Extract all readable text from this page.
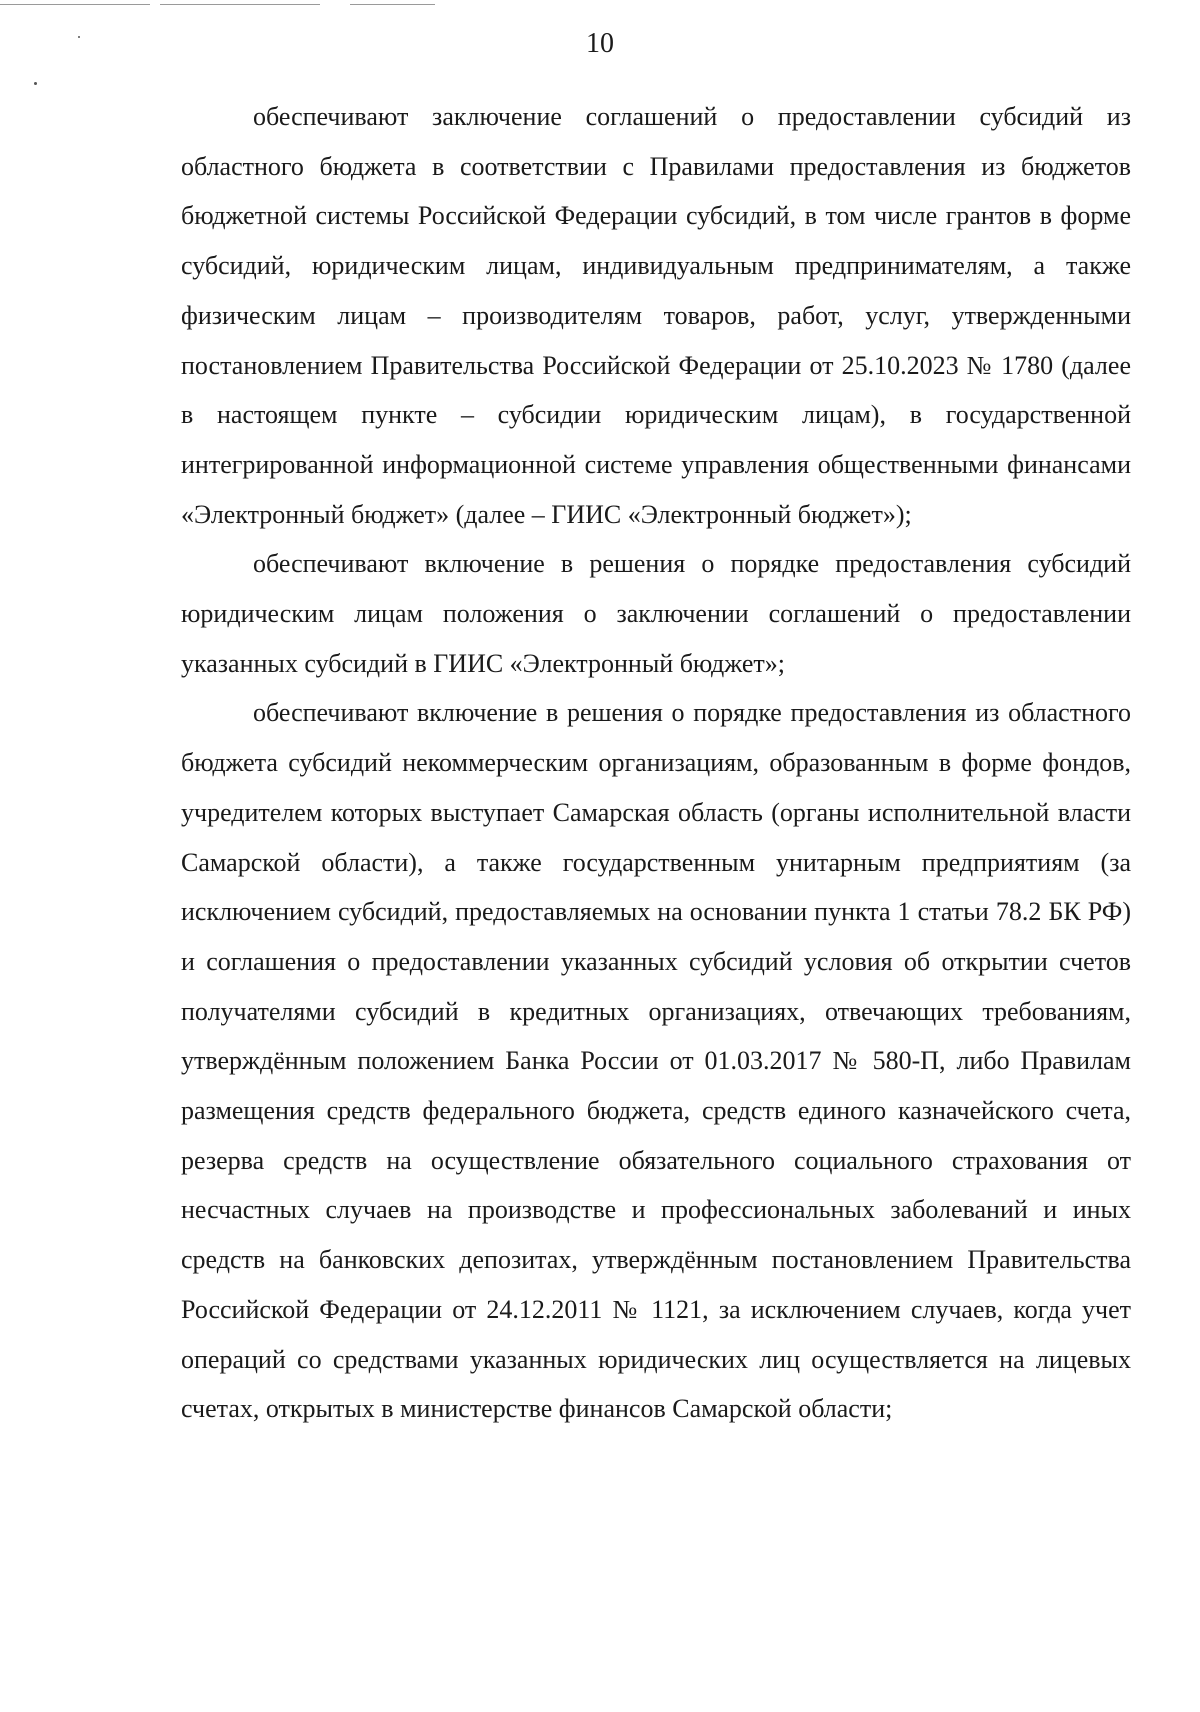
10

обеспечивают заключение соглашений о предоставлении субсидий из областного бюджета в соответствии с Правилами предоставления из бюджетов бюджетной системы Российской Федерации субсидий, в том числе грантов в форме субсидий, юридическим лицам, индивидуальным предпринимателям, а также физическим лицам – производителям товаров, работ, услуг, утвержденными постановлением Правительства Российской Федерации от 25.10.2023 № 1780 (далее в настоящем пункте – субсидии юридическим лицам), в государственной интегрированной информационной системе управления общественными финансами «Электронный бюджет» (далее – ГИИС «Электронный бюджет»);

обеспечивают включение в решения о порядке предоставления субсидий юридическим лицам положения о заключении соглашений о предоставлении указанных субсидий в ГИИС «Электронный бюджет»;

обеспечивают включение в решения о порядке предоставления из областного бюджета субсидий некоммерческим организациям, образованным в форме фондов, учредителем которых выступает Самарская область (органы исполнительной власти Самарской области), а также государственным унитарным предприятиям (за исключением субсидий, предоставляемых на основании пункта 1 статьи 78.2 БК РФ) и соглашения о предоставлении указанных субсидий условия об открытии счетов получателями субсидий в кредитных организациях, отвечающих требованиям, утверждённым положением Банка России от 01.03.2017 № 580-П, либо Правилам размещения средств федерального бюджета, средств единого казначейского счета, резерва средств на осуществление обязательного социального страхования от несчастных случаев на производстве и профессиональных заболеваний и иных средств на банковских депозитах, утверждённым постановлением Правительства Российской Федерации от 24.12.2011 № 1121, за исключением случаев, когда учет операций со средствами указанных юридических лиц осуществляется на лицевых счетах, открытых в министерстве финансов Самарской области;
